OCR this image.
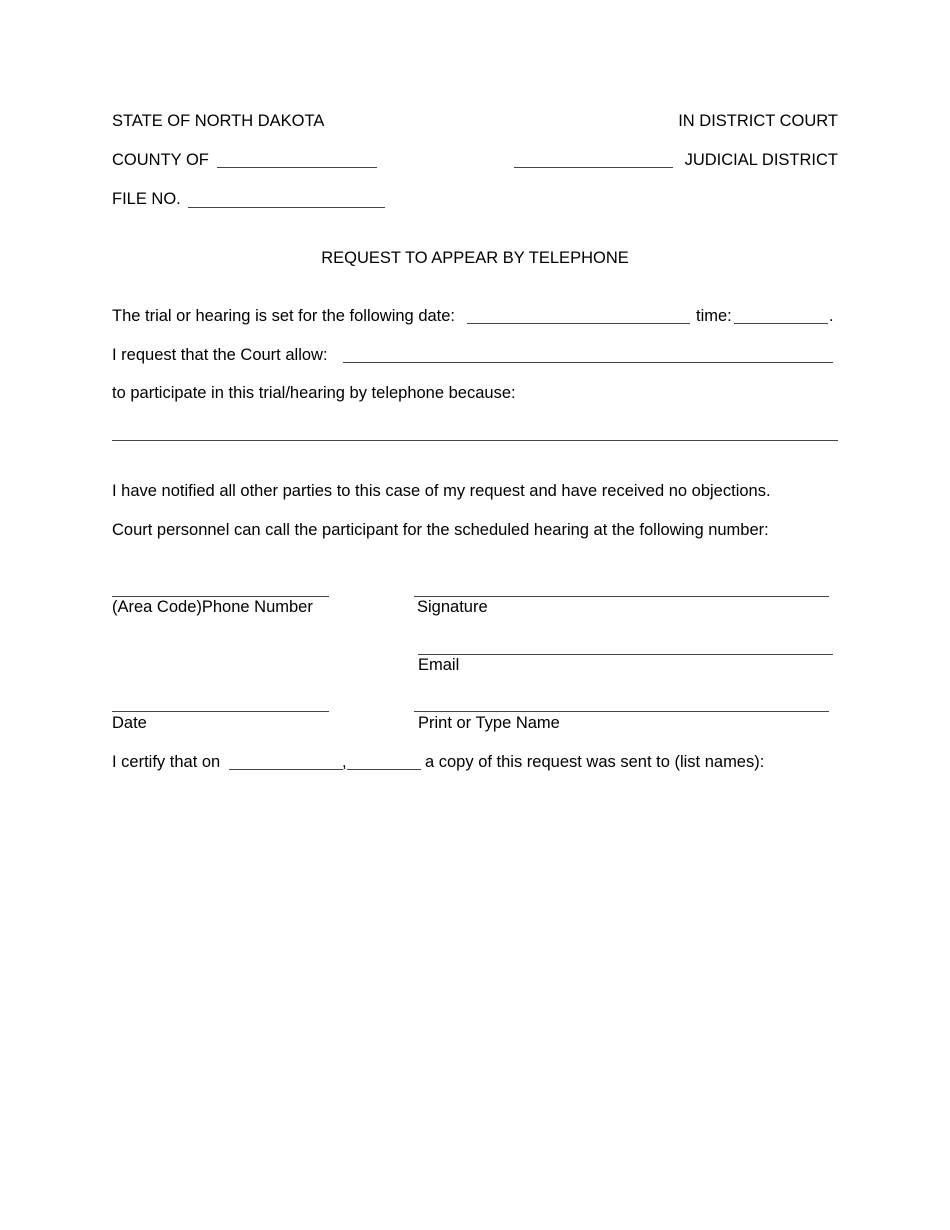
STATE OF NORTH DAKOTA	IN DISTRICT COURT
COUNTY OF	JUDICIAL DISTRICT
FILE NO.
REQUEST TO APPEAR BY TELEPHONE
The trial or hearing is set for the following date:	time:	.
I request that the Court allow:
to participate in this trial/hearing by telephone because:
I have notified all other parties to this case of my request and have received no objections.
Court personnel can call the participant for the scheduled hearing at the following number:
(Area Code)Phone Number	Signature
Email
Date	Print or Type Name
I certify that on	,	a copy of this request was sent to (list names):
